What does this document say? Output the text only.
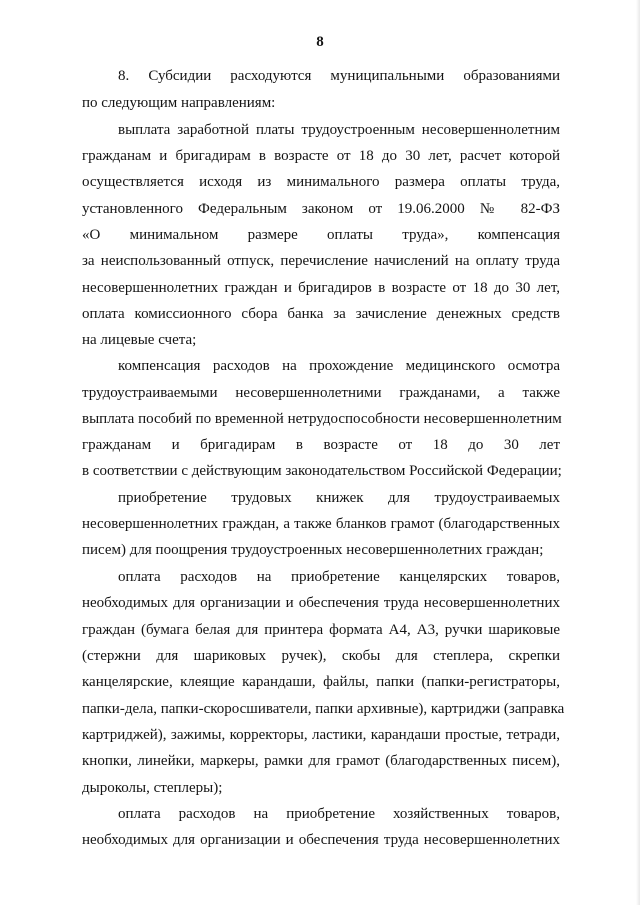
8
8. Субсидии расходуются муниципальными образованиями
по следующим направлениям:
выплата заработной платы трудоустроенным несовершеннолетним
гражданам и бригадирам в возрасте от 18 до 30 лет, расчет которой
осуществляется исходя из минимального размера оплаты труда,
установленного Федеральным законом от 19.06.2000 № 82-ФЗ
«О минимальном размере оплаты труда», компенсация
за неиспользованный отпуск, перечисление начислений на оплату труда
несовершеннолетних граждан и бригадиров в возрасте от 18 до 30 лет,
оплата комиссионного сбора банка за зачисление денежных средств
на лицевые счета;
компенсация расходов на прохождение медицинского осмотра
трудоустраиваемыми несовершеннолетними гражданами, а также
выплата пособий по временной нетрудоспособности несовершеннолетним
гражданам и бригадирам в возрасте от 18 до 30 лет
в соответствии с действующим законодательством Российской Федерации;
приобретение трудовых книжек для трудоустраиваемых
несовершеннолетних граждан, а также бланков грамот (благодарственных
писем) для поощрения трудоустроенных несовершеннолетних граждан;
оплата расходов на приобретение канцелярских товаров,
необходимых для организации и обеспечения труда несовершеннолетних
граждан (бумага белая для принтера формата А4, А3, ручки шариковые
(стержни для шариковых ручек), скобы для степлера, скрепки
канцелярские, клеящие карандаши, файлы, папки (папки-регистраторы,
папки-дела, папки-скоросшиватели, папки архивные), картриджи (заправка
картриджей), зажимы, корректоры, ластики, карандаши простые, тетради,
кнопки, линейки, маркеры, рамки для грамот (благодарственных писем),
дыроколы, степлеры);
оплата расходов на приобретение хозяйственных товаров,
необходимых для организации и обеспечения труда несовершеннолетних
